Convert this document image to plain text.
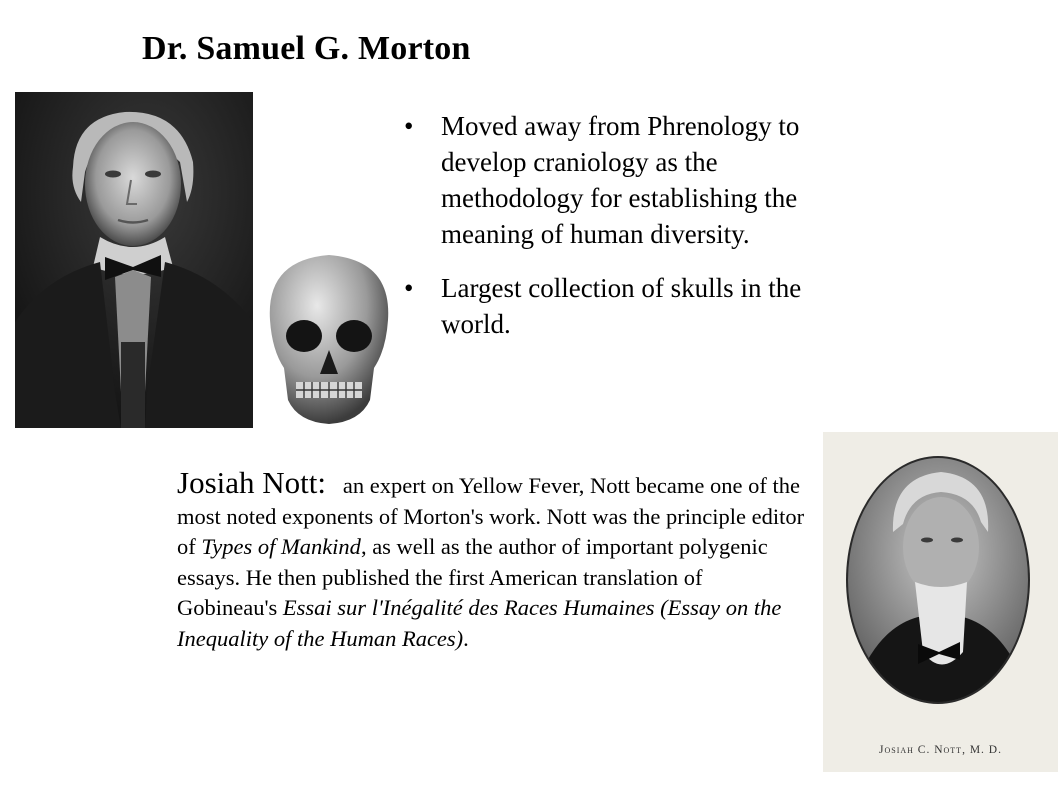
Dr. Samuel G. Morton
• Moved away from Phrenology to develop craniology as the methodology for establishing the meaning of human diversity.
• Largest collection of skulls in the world.
Josiah Nott: an expert on Yellow Fever, Nott became one of the most noted exponents of Morton's work. Nott was the principle editor of Types of Mankind, as well as the author of important polygenic essays. He then published the first American translation of Gobineau's Essai sur l'Inégalité des Races Humaines (Essay on the Inequality of the Human Races).
Josiah C. Nott, M. D.
